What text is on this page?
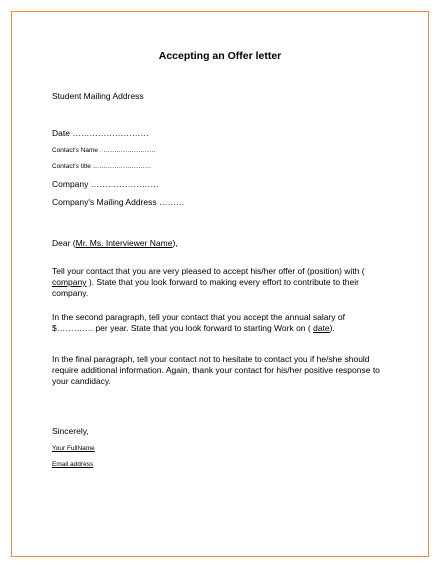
Accepting an Offer letter
Student Mailing Address
Date ………………………
Contact's Name . ……………………
Contact's title ………………………
Company ……………………
Company's Mailing Address ………
Dear (Mr. Ms. Interviewer Name),
Tell your contact that you are very pleased to accept his/her offer of (position) with ( company ). State that you look forward to making every effort to contribute to their company.
In the second paragraph, tell your contact that you accept the annual salary of $…………. per year. State that you look forward to starting Work on ( date).
In the final paragraph, tell your contact not to hesitate to contact you if he/she should require additional information. Again, thank your contact for his/her positive response to your candidacy.
Sincerely,
Your FullName
Email address
